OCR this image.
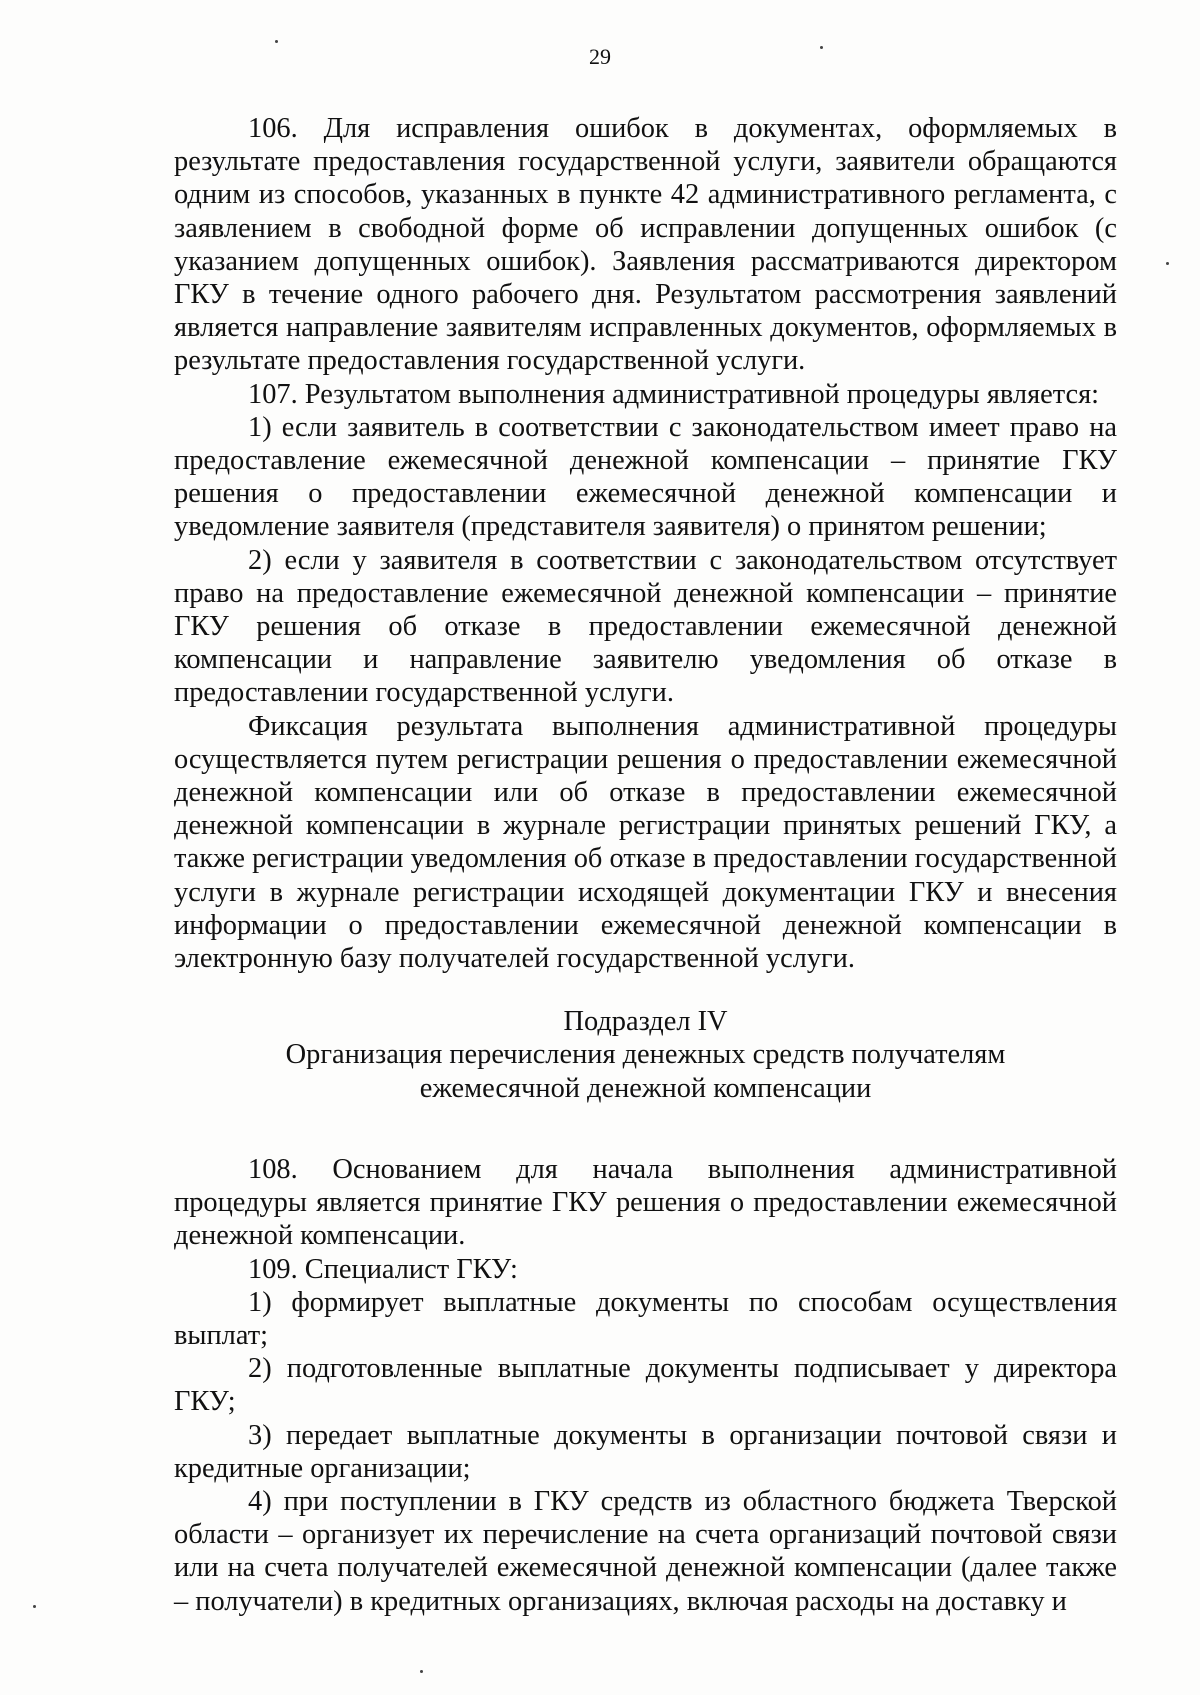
29

106. Для исправления ошибок в документах, оформляемых в результате предоставления государственной услуги, заявители обращаются одним из способов, указанных в пункте 42 административного регламента, с заявлением в свободной форме об исправлении допущенных ошибок (с указанием допущенных ошибок). Заявления рассматриваются директором ГКУ в течение одного рабочего дня. Результатом рассмотрения заявлений является направление заявителям исправленных документов, оформляемых в результате предоставления государственной услуги.

107. Результатом выполнения административной процедуры является:

1) если заявитель в соответствии с законодательством имеет право на предоставление ежемесячной денежной компенсации – принятие ГКУ решения о предоставлении ежемесячной денежной компенсации и уведомление заявителя (представителя заявителя) о принятом решении;

2) если у заявителя в соответствии с законодательством отсутствует право на предоставление ежемесячной денежной компенсации – принятие ГКУ решения об отказе в предоставлении ежемесячной денежной компенсации и направление заявителю уведомления об отказе в предоставлении государственной услуги.

Фиксация результата выполнения административной процедуры осуществляется путем регистрации решения о предоставлении ежемесячной денежной компенсации или об отказе в предоставлении ежемесячной денежной компенсации в журнале регистрации принятых решений ГКУ, а также регистрации уведомления об отказе в предоставлении государственной услуги в журнале регистрации исходящей документации ГКУ и внесения информации о предоставлении ежемесячной денежной компенсации в электронную базу получателей государственной услуги.

Подраздел IV

Организация перечисления денежных средств получателям

ежемесячной денежной компенсации

108. Основанием для начала выполнения административной процедуры является принятие ГКУ решения о предоставлении ежемесячной денежной компенсации.

109. Специалист ГКУ:

1) формирует выплатные документы по способам осуществления выплат;

2) подготовленные выплатные документы подписывает у директора ГКУ;

3) передает выплатные документы в организации почтовой связи и кредитные организации;

4) при поступлении в ГКУ средств из областного бюджета Тверской области – организует их перечисление на счета организаций почтовой связи или на счета получателей ежемесячной денежной компенсации (далее также – получатели) в кредитных организациях, включая расходы на доставку и
